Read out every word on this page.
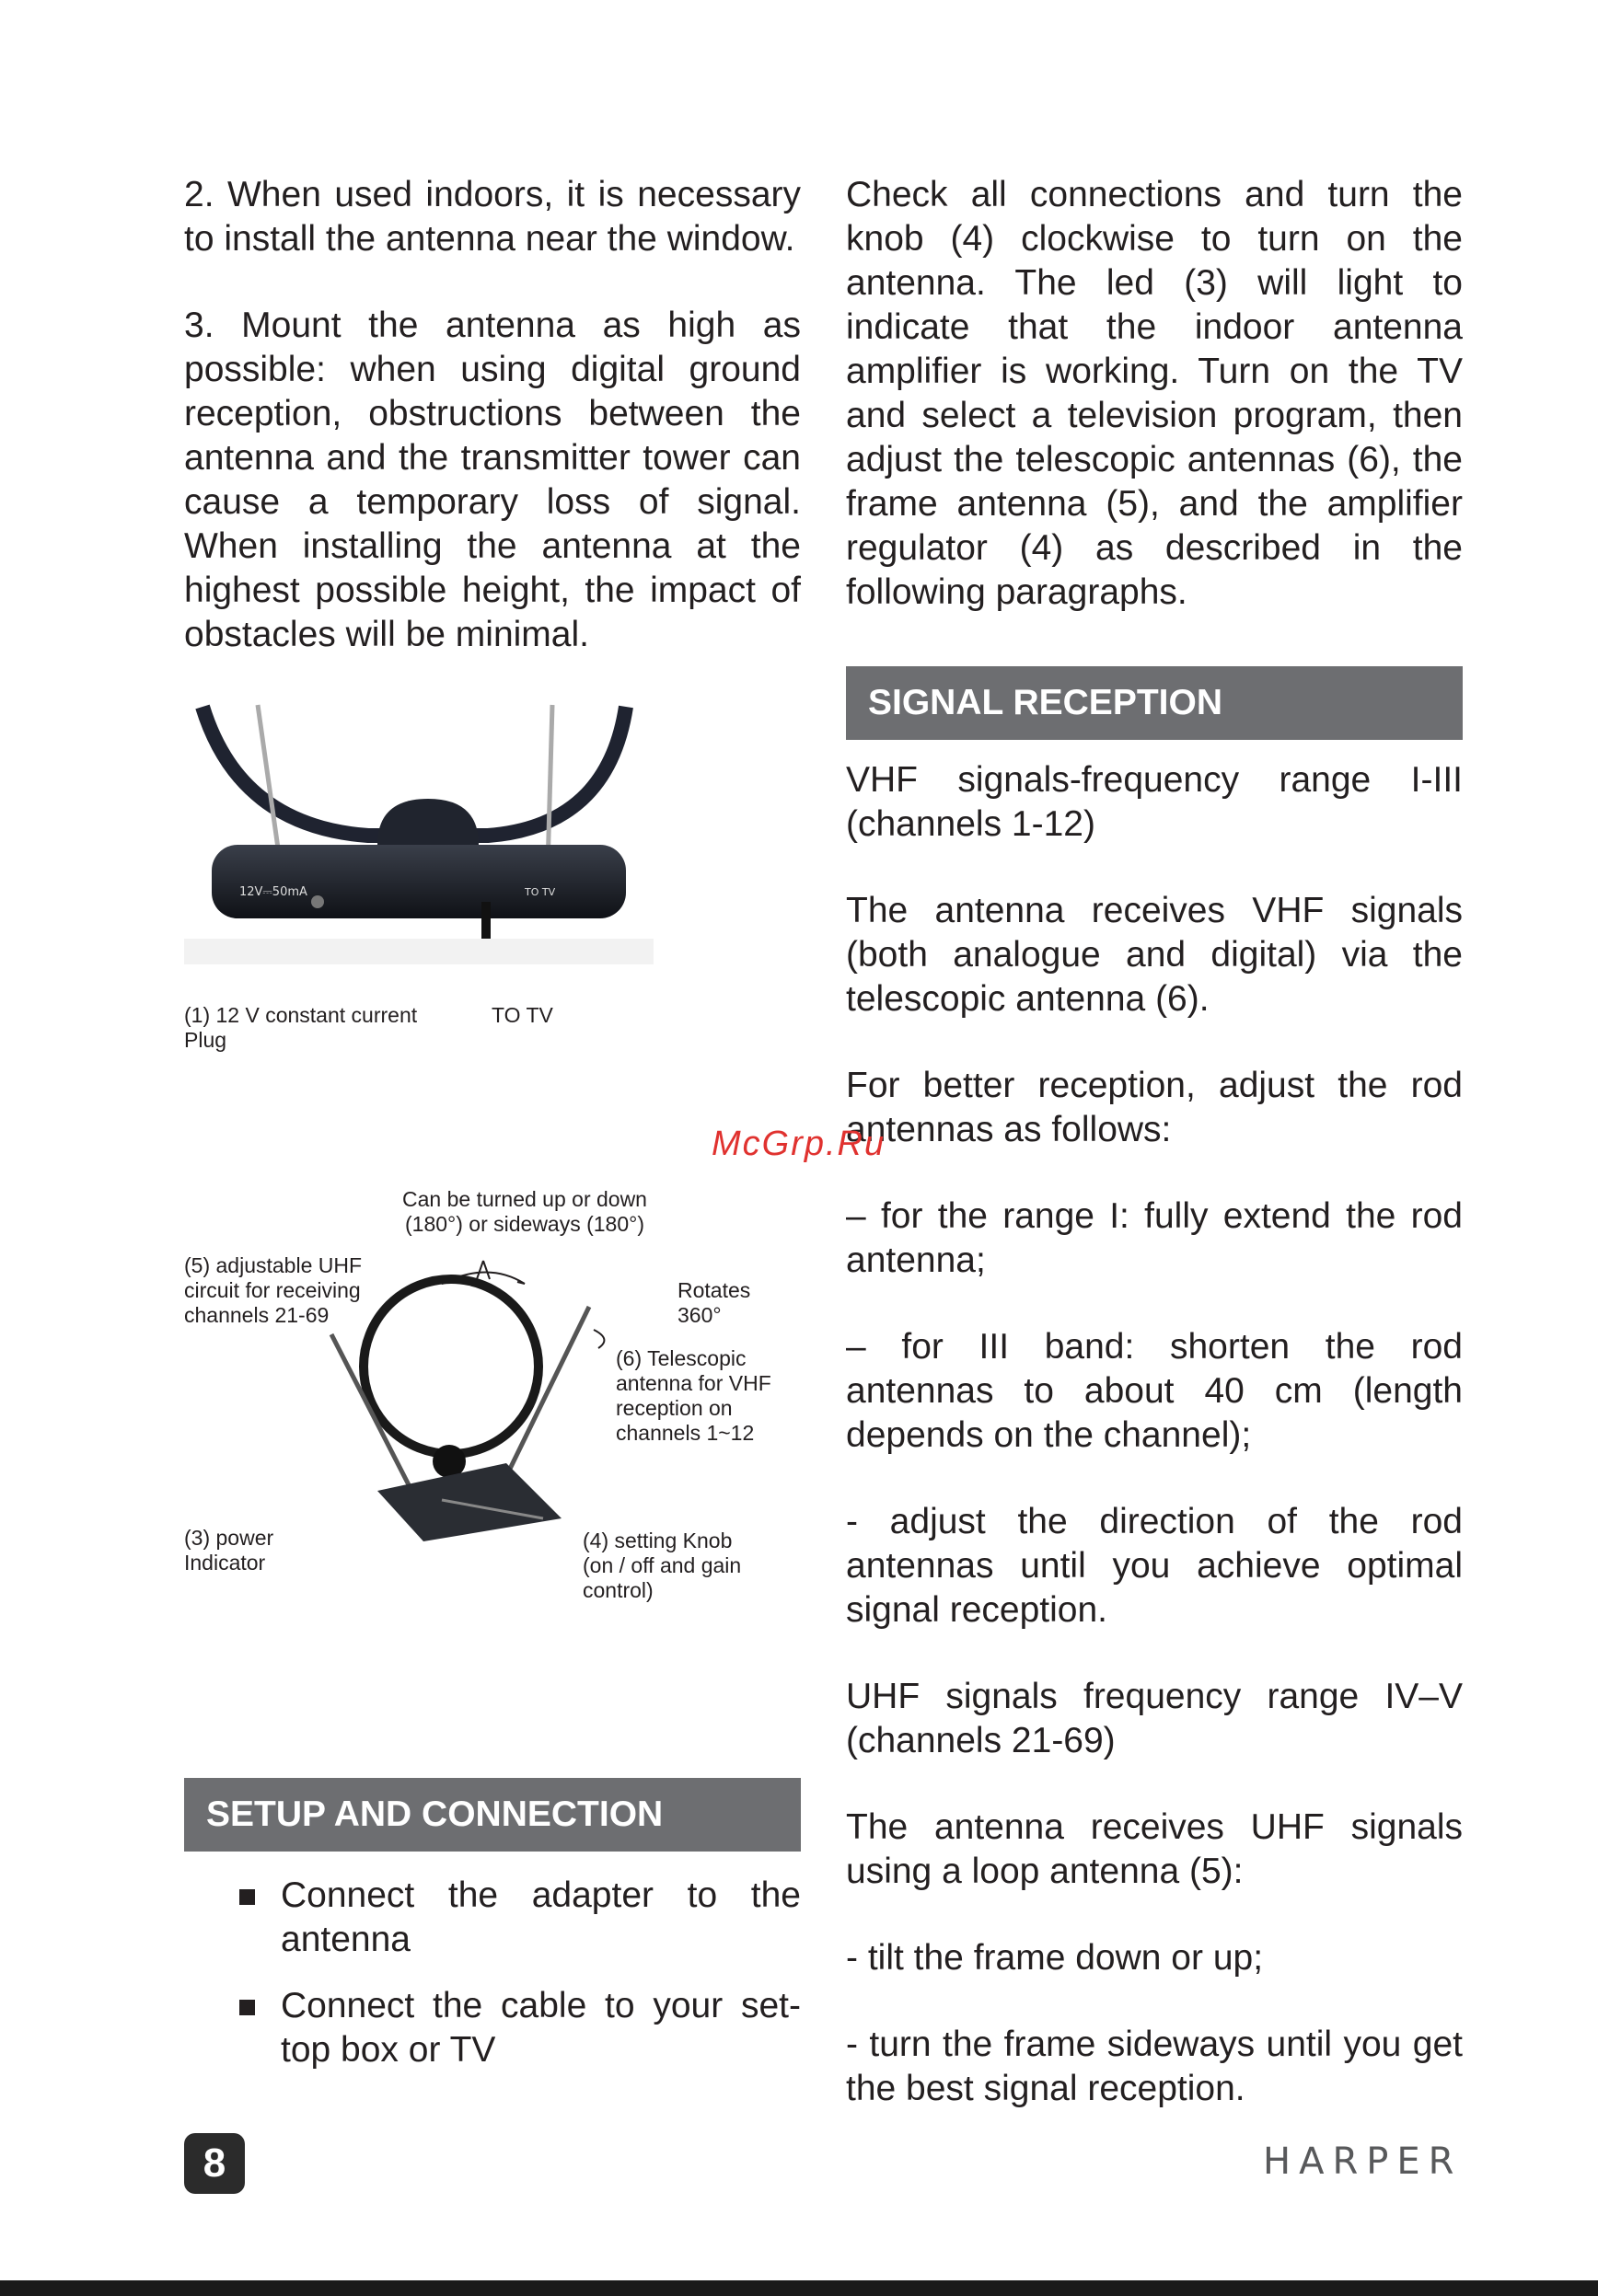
2. When used indoors, it is necessary to install the antenna near the window.

3. Mount the antenna as high as possible: when using digital ground reception, obstructions between the antenna and the transmitter tower can cause a temporary loss of signal. When installing the antenna at the highest possible height, the impact of obstacles will be minimal.

12V⎓50mA	TO TV
(1) 12 V constant current Plug
TO TV
Can be turned up or down (180°) or sideways (180°)
(5) adjustable UHF circuit for receiving channels 21-69
Rotates 360°
(6) Telescopic antenna for VHF reception on channels 1~12
(3) power Indicator
(4) setting Knob (on / off and gain control)
SETUP AND CONNECTION
Connect the adapter to the antenna
Connect the cable to your set-top box or TV

Check all connections and turn the knob (4) clockwise to turn on the antenna. The led (3) will light to indicate that the indoor antenna amplifier is working. Turn on the TV and select a television program, then adjust the telescopic antennas (6), the frame antenna (5), and the amplifier regulator (4) as described in the following paragraphs.

SIGNAL RECEPTION

VHF signals-frequency range I-III (channels 1-12)

The antenna receives VHF signals (both analogue and digital) via the telescopic antenna (6).

For better reception, adjust the rod antennas as follows:

– for the range I: fully extend the rod antenna;

– for III band: shorten the rod antennas to about 40 cm (length depends on the channel);

- adjust the direction of the rod antennas until you achieve optimal signal reception.

UHF signals frequency range IV–V (channels 21-69)

The antenna receives UHF signals using a loop antenna (5):

- tilt the frame down or up;

- turn the frame sideways until you get the best signal reception.

McGrp.Ru
8	HARPER
